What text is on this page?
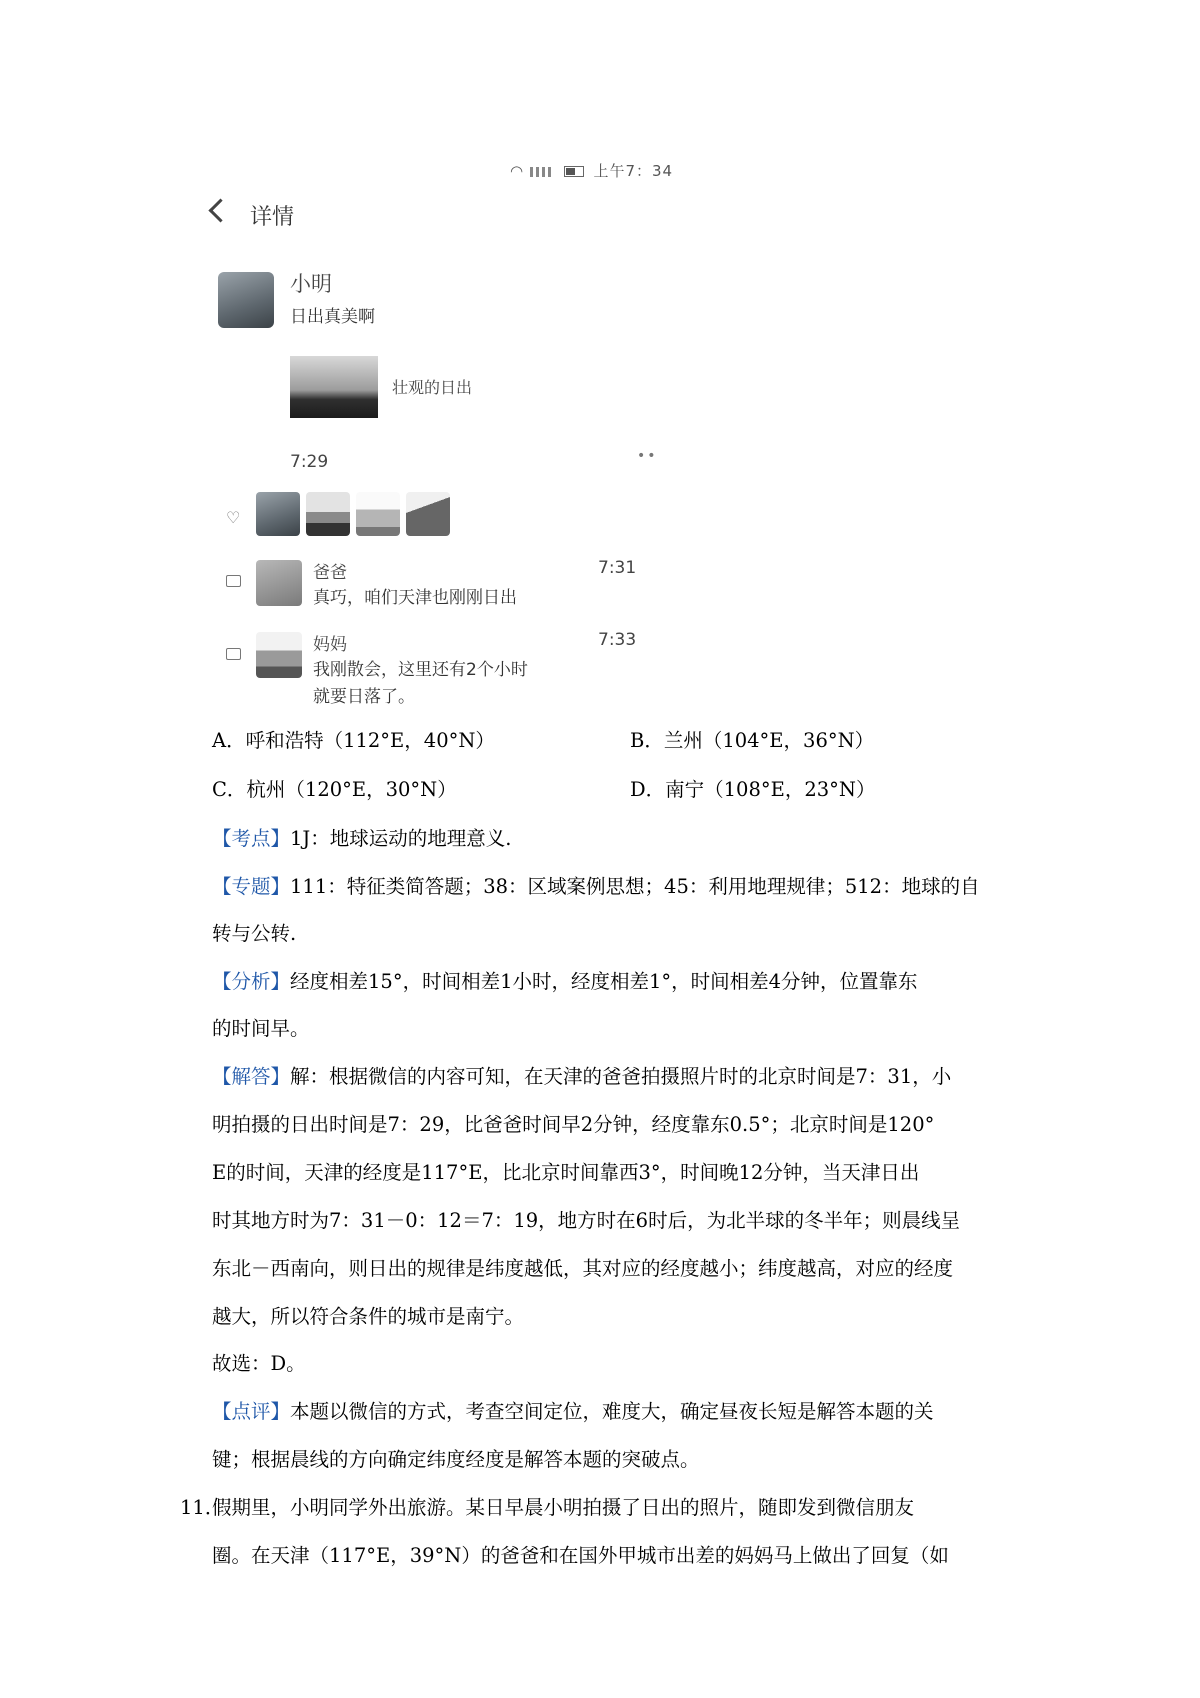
◠	上午7：34
详情
小明
日出真美啊
壮观的日出
7:29	••
♡
爸爸	7:31
真巧，咱们天津也刚刚日出
妈妈	7:33
我刚散会，这里还有2个小时
就要日落了。
A．呼和浩特（112°E，40°N）	B．兰州（104°E，36°N）
C．杭州（120°E，30°N）	D．南宁（108°E，23°N）
【考点】1J：地球运动的地理意义.
【专题】111：特征类简答题；38：区域案例思想；45：利用地理规律；512：地球的自
转与公转.
【分析】经度相差15°，时间相差1小时，经度相差1°，时间相差4分钟，位置靠东
的时间早。
【解答】解：根据微信的内容可知，在天津的爸爸拍摄照片时的北京时间是7：31，小
明拍摄的日出时间是7：29，比爸爸时间早2分钟，经度靠东0.5°；北京时间是120°
E的时间，天津的经度是117°E，比北京时间靠西3°，时间晚12分钟，当天津日出
时其地方时为7：31－0：12＝7：19，地方时在6时后，为北半球的冬半年；则晨线呈
东北－西南向，则日出的规律是纬度越低，其对应的经度越小；纬度越高，对应的经度
越大，所以符合条件的城市是南宁。
故选：D。
【点评】本题以微信的方式，考查空间定位，难度大，确定昼夜长短是解答本题的关
键；根据晨线的方向确定纬度经度是解答本题的突破点。
11．
假期里，小明同学外出旅游。某日早晨小明拍摄了日出的照片，随即发到微信朋友
圈。在天津（117°E，39°N）的爸爸和在国外甲城市出差的妈妈马上做出了回复（如
